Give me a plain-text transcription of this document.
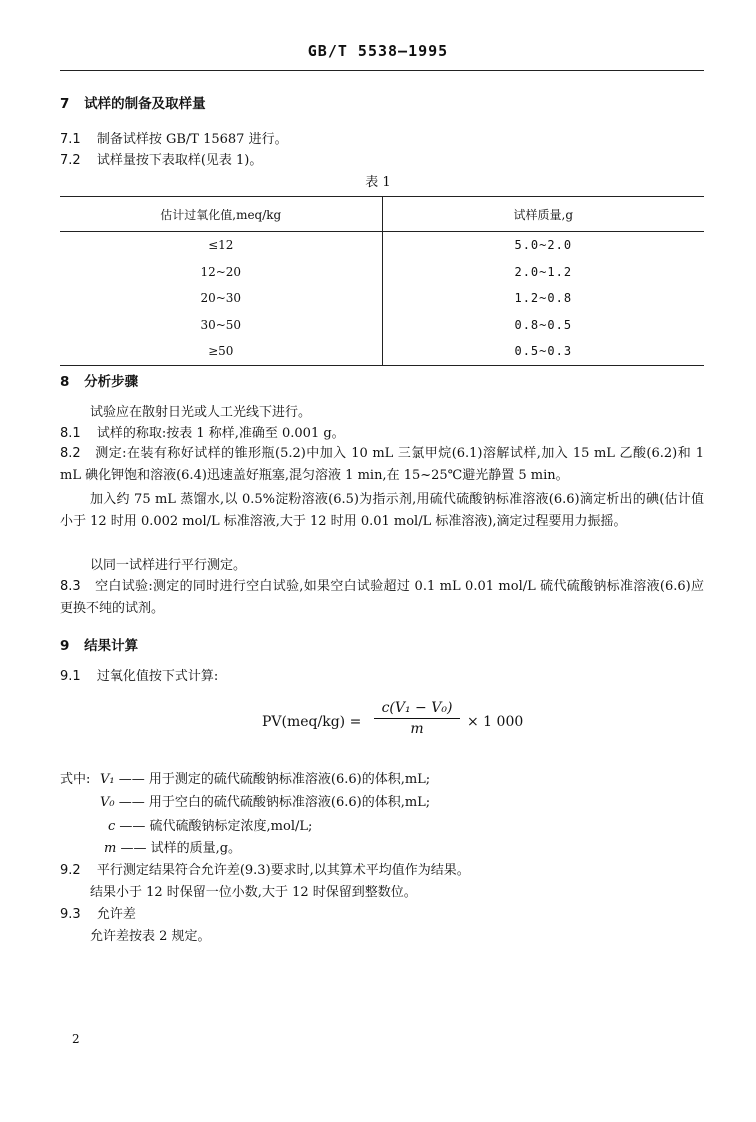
GB/T 5538—1995
7 试样的制备及取样量
7.1 制备试样按 GB/T 15687 进行。
7.2 试样量按下表取样(见表 1)。
表 1
估计过氧化值,meq/kg	试样质量,g
≤12	5.0~2.0
12~20	2.0~1.2
20~30	1.2~0.8
30~50	0.8~0.5
≥50	0.5~0.3
8 分析步骤
试验应在散射日光或人工光线下进行。
8.1 试样的称取:按表 1 称样,准确至 0.001 g。
8.2 测定:在装有称好试样的锥形瓶(5.2)中加入 10 mL 三氯甲烷(6.1)溶解试样,加入 15 mL 乙酸(6.2)和 1 mL 碘化钾饱和溶液(6.4)迅速盖好瓶塞,混匀溶液 1 min,在 15~25℃避光静置 5 min。
加入约 75 mL 蒸馏水,以 0.5%淀粉溶液(6.5)为指示剂,用硫代硫酸钠标准溶液(6.6)滴定析出的碘(估计值小于 12 时用 0.002 mol/L 标准溶液,大于 12 时用 0.01 mol/L 标准溶液),滴定过程要用力振摇。
以同一试样进行平行测定。
8.3 空白试验:测定的同时进行空白试验,如果空白试验超过 0.1 mL 0.01 mol/L 硫代硫酸钠标准溶液(6.6)应更换不纯的试剂。
9 结果计算
9.1 过氧化值按下式计算:
$PV(meq/kg) = \frac{\text{c(V₁ − V₀)}}{m} \times 1$ 000
式中: V₁ —— 用于测定的硫代硫酸钠标准溶液(6.6)的体积,mL;
V₀ —— 用于空白的硫代硫酸钠标准溶液(6.6)的体积,mL;
c —— 硫代硫酸钠标定浓度,mol/L;
m —— 试样的质量,g。
9.2 平行测定结果符合允许差(9.3)要求时,以其算术平均值作为结果。
结果小于 12 时保留一位小数,大于 12 时保留到整数位。
9.3 允许差
允许差按表 2 规定。
2
